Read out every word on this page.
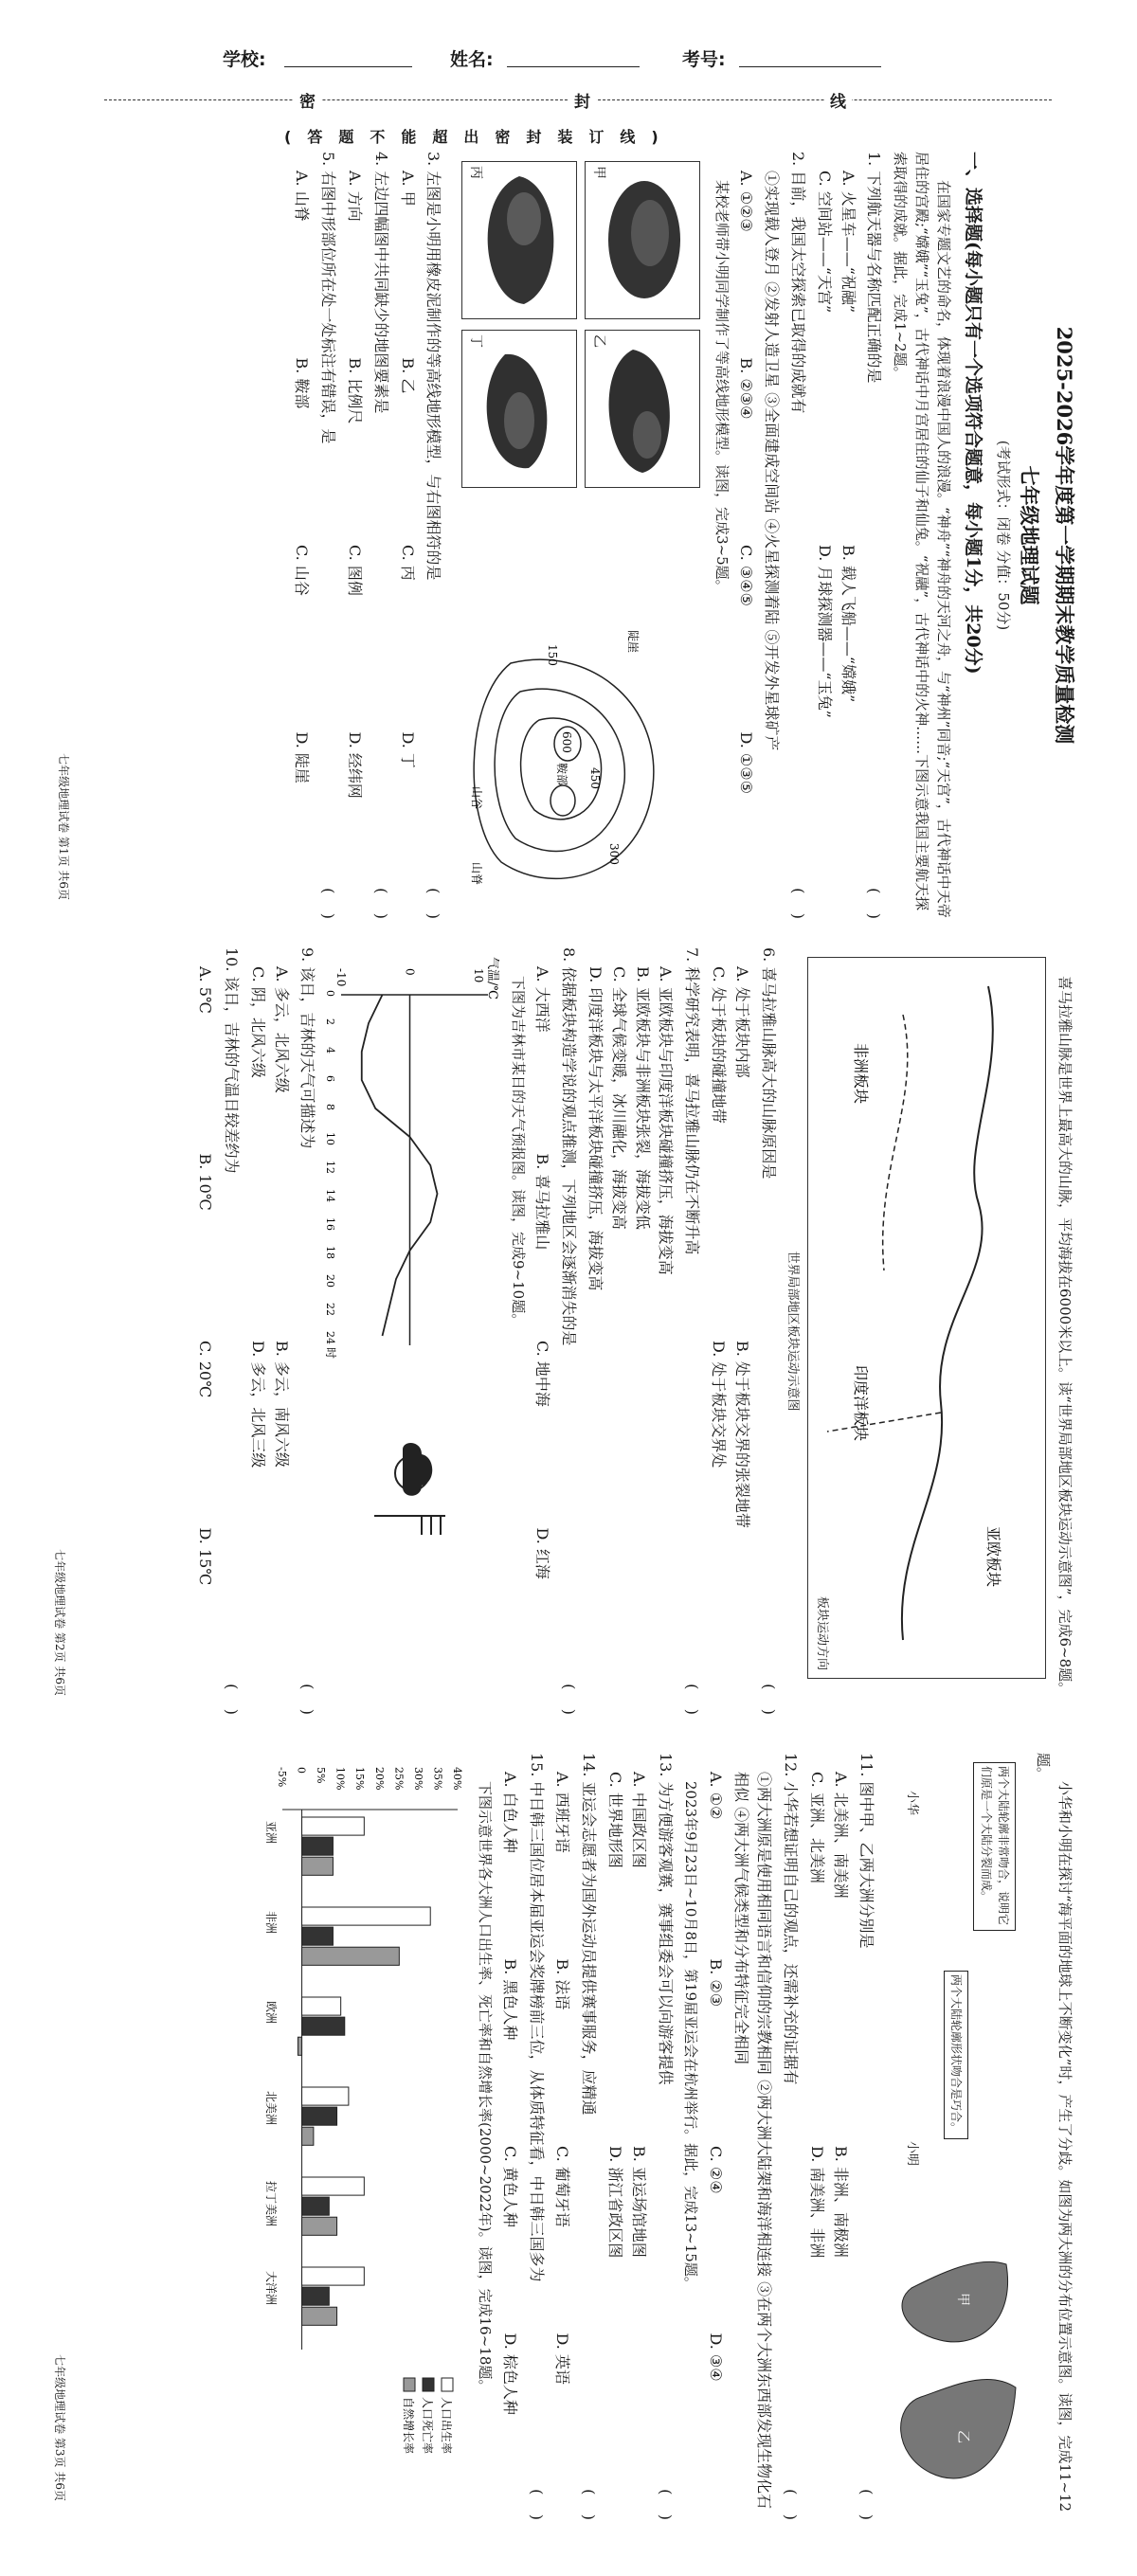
学校:	姓名:	考号:
密	封	线
(答题不能超出密封装订线)
2025-2026学年度第一学期期末教学质量检测
七年级地理试题
(考试形式：闭卷 分值：50分)
一、选择题(每小题只有一个选项符合题意，每小题1分，共20分)
在国家专题文艺的命名，体现着浪漫中国人的浪漫。“神舟”“神舟的天河之舟，与“神州”同音;“天宫”，古代神话中天帝居住的宫殿;“嫦娥”“玉兔”，古代神话中月宫居住的仙子和仙兔。“祝融”，古代神话中的火神……下图示意我国主要航天探索取得的成就。据此，完成1~2题。
1. 下列航天器与名称匹配正确的是
(    )
A. 火星车——“祝融”
B. 载人飞船——“嫦娥”
C. 空间站——“天宫”
D. 月球探测器——“玉兔”
2. 目前，我国太空探索已取得的成就有
(    )
①实现载人登月 ②发射人造卫星 ③全面建成空间站 ④火星探测着陆 ⑤开发外星球矿产
A. ①②③
B. ②③④
C. ③④⑤
D. ①③⑤
某校老师带小明同学制作了等高线地形模型。读图，完成3~5题。
甲
乙
丙
丁
600
450
300
150
鞍部
山谷
陡崖
山脊
3. 左图是小明用橡皮泥制作的等高线地形模型，与右图相符的是
(    )
A. 甲
B. 乙
C. 丙
D. 丁
4. 左边四幅图中共同缺少的地图要素是
(    )
A. 方向
B. 比例尺
C. 图例
D. 经纬网
5. 右图中形部位所在处一处标注有错误，是
(    )
A. 山脊
B. 鞍部
C. 山谷
D. 陡崖
七年级地理试卷 第1页 共6页
喜马拉雅山脉是世界上最高大的山脉，平均海拔在6000米以上。读“世界局部地区板块运动示意图”，完成6~8题。
亚欧板块
非洲板块
印度洋板块
板块运动方向
世界局部地区板块运动示意图
6. 喜马拉雅山脉高大的山脉原因是
(    )
A. 处于板块内部
B. 处于板块交界的张裂地带
C. 处于板块的碰撞地带
D. 处于板块交界处
7. 科学研究表明，喜马拉雅山脉仍在不断升高
(    )
A. 亚欧板块与印度洋板块碰撞挤压，海拔变高
B. 亚欧板块与非洲板块张裂，海拔变低
C. 全球气候变暖，冰川融化，海拔变高
D. 印度洋板块与太平洋板块碰撞挤压，海拔变高
8. 依据板块构造学说的观点推测，下列地区会逐渐消失的是
(    )
A. 大西洋
B. 喜马拉雅山
C. 地中海
D. 红海
下图为吉林市某日的天气预报图。读图，完成9~10题。
气温/℃
10
0
-10
0
2
4
6
8
10
12
14
16
18
20
22
24
时
9. 该日，吉林的天气可描述为
(    )
A. 多云，北风六级
B. 多云，南风六级
C. 阴，北风六级
D. 多云，北风三级
10. 该日，吉林的气温日较差约为
(    )
A. 5℃
B. 10℃
C. 20℃
D. 15℃
七年级地理试卷 第2页 共6页
小华和小明在探讨“海平面的地球上不断变化”时，产生了分歧。如图为两大洲的分布位置示意图。读图，完成11~12题。
两个大陆轮廓非常吻合，说明它们原是一个大陆分裂而成。
两个大陆轮廓形状吻合是巧合。
小华
小明
甲
乙
11. 图中甲、乙两大洲分别是
(    )
A. 北美洲、南美洲
B. 非洲、南极洲
C. 亚洲、北美洲
D. 南美洲、非洲
12. 小华若想证明自己的观点，还需补充的证据有
(    )
①两大洲原是使用相同语言和信仰的宗教相同 ②两大洲大陆架和海洋相连接 ③在两个大洲东西部发现生物化石相似 ④两大洲气候类型和分布特征完全相同
A. ①②
B. ②③
C. ②④
D. ③④
2023年9月23日~10月8日，第19届亚运会在杭州举行。据此，完成13~15题。
13. 为方便游客观赛，赛事组委会可以向游客提供
(    )
A. 中国政区图
B. 亚运场馆地图
C. 世界地形图
D. 浙江省政区图
14. 亚运会志愿者为国外运动员提供赛事服务，应精通
(    )
A. 西班牙语
B. 法语
C. 葡萄牙语
D. 英语
15. 中日韩三国位居本届亚运会奖牌榜前三位，从体质特征看，中日韩三国多为
(    )
A. 白色人种
B. 黑色人种
C. 黄色人种
D. 棕色人种
下图示意世界各大洲人口出生率、死亡率和自然增长率(2000~2022年)。读图，完成16~18题。
40%
35%
30%
25%
20%
15%
10%
5%
0
-5%
亚洲
非洲
欧洲
北美洲
拉丁美洲
大洋洲
人口出生率
人口死亡率
自然增长率
七年级地理试卷 第3页 共6页
